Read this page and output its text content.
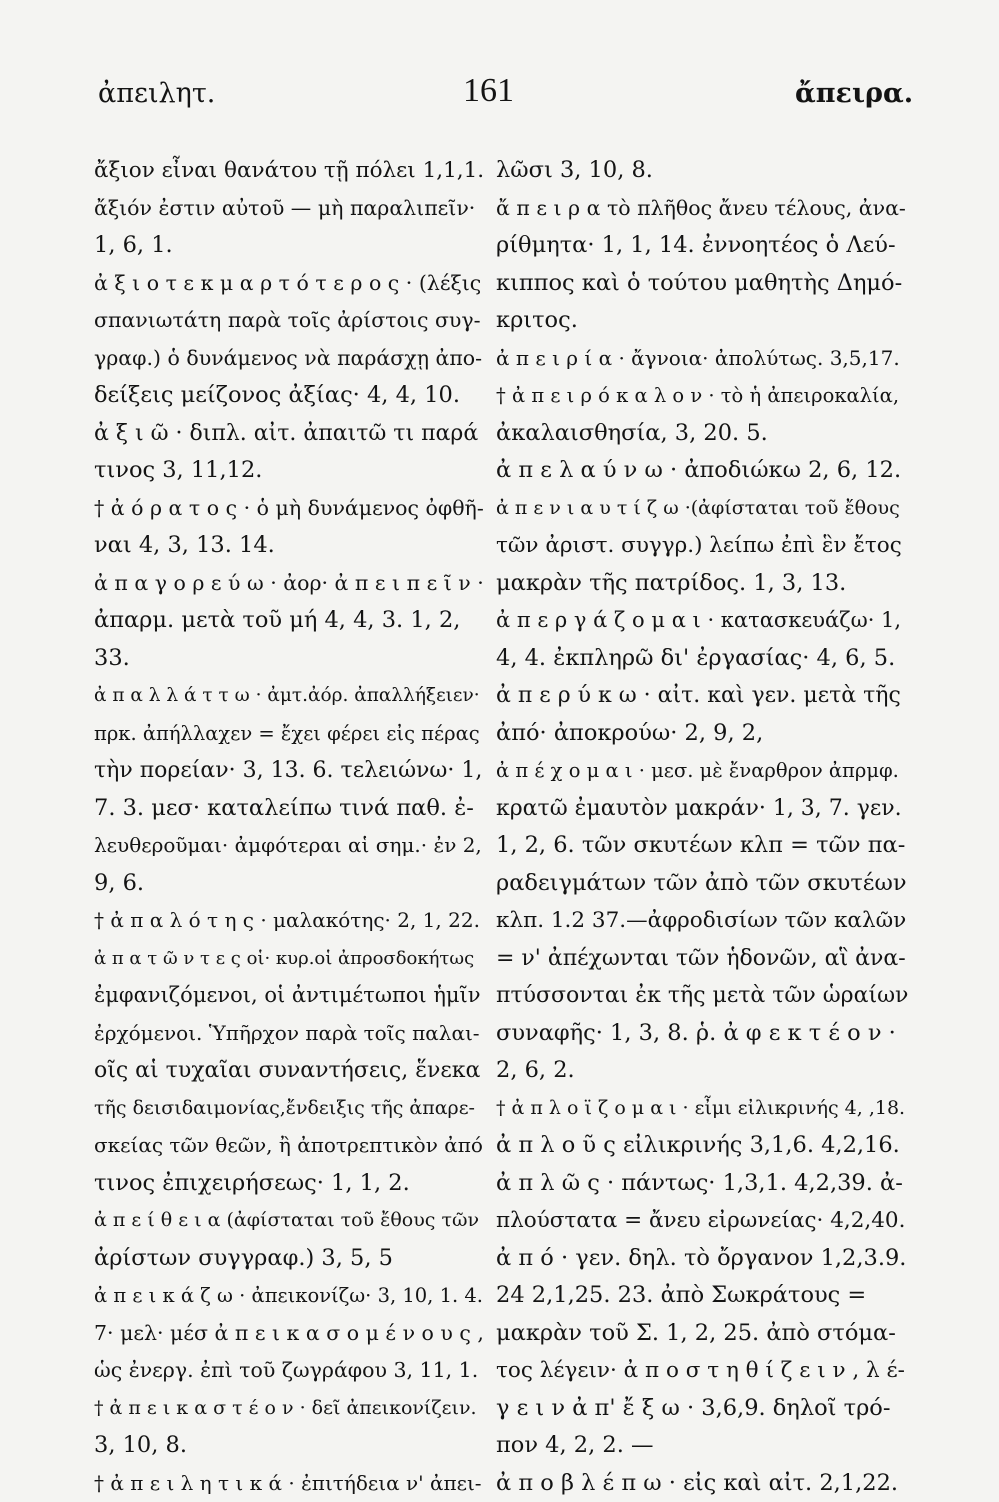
ἀπειλητ.	161	ἄπειρα.
ἄξιον εἶναι θανάτου τῇ πόλει 1,1,1.
ἄξιόν ἐστιν αὐτοῦ — μὴ παραλιπεῖν·
1, 6, 1.
ἀ ξ ι ο τ ε κ μ α ρ τ ό τ ε ρ ο ς · (λέξις
σπανιωτάτη παρὰ τοῖς ἀρίστοις συγ-
γραφ.) ὁ δυνάμενος νὰ παράσχῃ ἀπο-
δείξεις μείζονος ἀξίας· 4, 4, 10.
ἀ ξ ι ῶ · διπλ. αἰτ. ἀπαιτῶ τι παρά
τινος 3, 11,12.
† ἀ ό ρ α τ ο ς · ὁ μὴ δυνάμενος ὀφθῆ-
ναι 4, 3, 13. 14.
ἀ π α γ ο ρ ε ύ ω · ἀορ· ἀ π ε ι π ε ῖ ν ·
ἀπαρμ. μετὰ τοῦ μή 4, 4, 3. 1, 2,
33.
ἀ π α λ λ ά τ τ ω · ἀμτ.ἀόρ. ἀπαλλήξειεν·
πρκ. ἀπήλλαχεν = ἔχει φέρει εἰς πέρας
τὴν πορείαν· 3, 13. 6. τελειώνω· 1,
7. 3. μεσ· καταλείπω τινά παθ. ἐ-
λευθεροῦμαι· ἀμφότεραι αἱ σημ.· ἐν 2,
9, 6.
† ἀ π α λ ό τ η ς · μαλακότης· 2, 1, 22.
ἀ π α τ ῶ ν τ ε ς οἱ· κυρ.οἱ ἀπροσδοκήτως
ἐμφανιζόμενοι, οἱ ἀντιμέτωποι ἡμῖν
ἐρχόμενοι. Ὑπῆρχον παρὰ τοῖς παλαι-
οῖς αἱ τυχαῖαι συναντήσεις, ἕνεκα
τῆς δεισιδαιμονίας,ἔνδειξις τῆς ἀπαρε-
σκείας τῶν θεῶν, ἢ ἀποτρεπτικὸν ἀπό
τινος ἐπιχειρήσεως· 1, 1, 2.
ἀ π ε ί θ ε ι α (ἀφίσταται τοῦ ἔθους τῶν
ἀρίστων συγγραφ.) 3, 5, 5
ἀ π ε ι κ ά ζ ω · ἀπεικονίζω· 3, 10, 1. 4.
7· μελ· μέσ ἀ π ε ι κ α σ ο μ έ ν ο υ ς ,
ὡς ἐνεργ. ἐπὶ τοῦ ζωγράφου 3, 11, 1.
† ἀ π ε ι κ α σ τ έ ο ν · δεῖ ἀπεικονίζειν.
3, 10, 8.
† ἀ π ε ι λ η τ ι κ ά · ἐπιτήδεια ν' ἀπει-
λῶσι 3, 10, 8.
ἄ π ε ι ρ α τὸ πλῆθος ἄνευ τέλους, ἀνα-
ρίθμητα· 1, 1, 14. ἐννοητέος ὁ Λεύ-
κιππος καὶ ὁ τούτου μαθητὴς Δημό-
κριτος.
ἀ π ε ι ρ ί α · ἄγνοια· ἀπολύτως. 3,5,17.
† ἀ π ε ι ρ ό κ α λ ο ν · τὸ ἡ ἀπειροκαλία,
ἀκαλαισθησία, 3, 20. 5.
ἀ π ε λ α ύ ν ω · ἀποδιώκω 2, 6, 12.
ἀ π ε ν ι α υ τ ί ζ ω ·(ἀφίσταται τοῦ ἔθους
τῶν ἀριστ. συγγρ.) λείπω ἐπὶ ἓν ἔτος
μακρὰν τῆς πατρίδος. 1, 3, 13.
ἀ π ε ρ γ ά ζ ο μ α ι · κατασκευάζω· 1,
4, 4. ἐκπληρῶ δι' ἐργασίας· 4, 6, 5.
ἀ π ε ρ ύ κ ω · αἰτ. καὶ γεν. μετὰ τῆς
ἀπό· ἀποκρούω· 2, 9, 2,
ἀ π έ χ ο μ α ι · μεσ. μὲ ἔναρθρον ἀπρμφ.
κρατῶ ἐμαυτὸν μακράν· 1, 3, 7. γεν.
1, 2, 6. τῶν σκυτέων κλπ = τῶν πα-
ραδειγμάτων τῶν ἀπὸ τῶν σκυτέων
κλπ. 1.2 37.—ἀφροδισίων τῶν καλῶν
= ν' ἀπέχωνται τῶν ἡδονῶν, αἳ ἀνα-
πτύσσονται ἐκ τῆς μετὰ τῶν ὡραίων
συναφῆς· 1, 3, 8. ῥ. ἀ φ ε κ τ έ ο ν ·
2, 6, 2.
† ἀ π λ ο ϊ ζ ο μ α ι · εἶμι εἰλικρινής 4, ,18.
ἀ π λ ο ῦ ς εἰλικρινής 3,1,6. 4,2,16.
ἀ π λ ῶ ς · πάντως· 1,3,1. 4,2,39. ἀ-
πλούστατα = ἄνευ εἰρωνείας· 4,2,40.
ἀ π ό · γεν. δηλ. τὸ ὄργανον 1,2,3.9.
24 2,1,25. 23. ἀπὸ Σωκράτους =
μακρὰν τοῦ Σ. 1, 2, 25. ἀπὸ στόμα-
τος λέγειν· ἀ π ο σ τ η θ ί ζ ε ι ν , λ έ-
γ ε ι ν ἀ π' ἔ ξ ω · 3,6,9. δηλοῖ τρό-
πον 4, 2, 2. —
ἀ π ο β λ έ π ω · εἰς καὶ αἰτ. 2,1,22.
